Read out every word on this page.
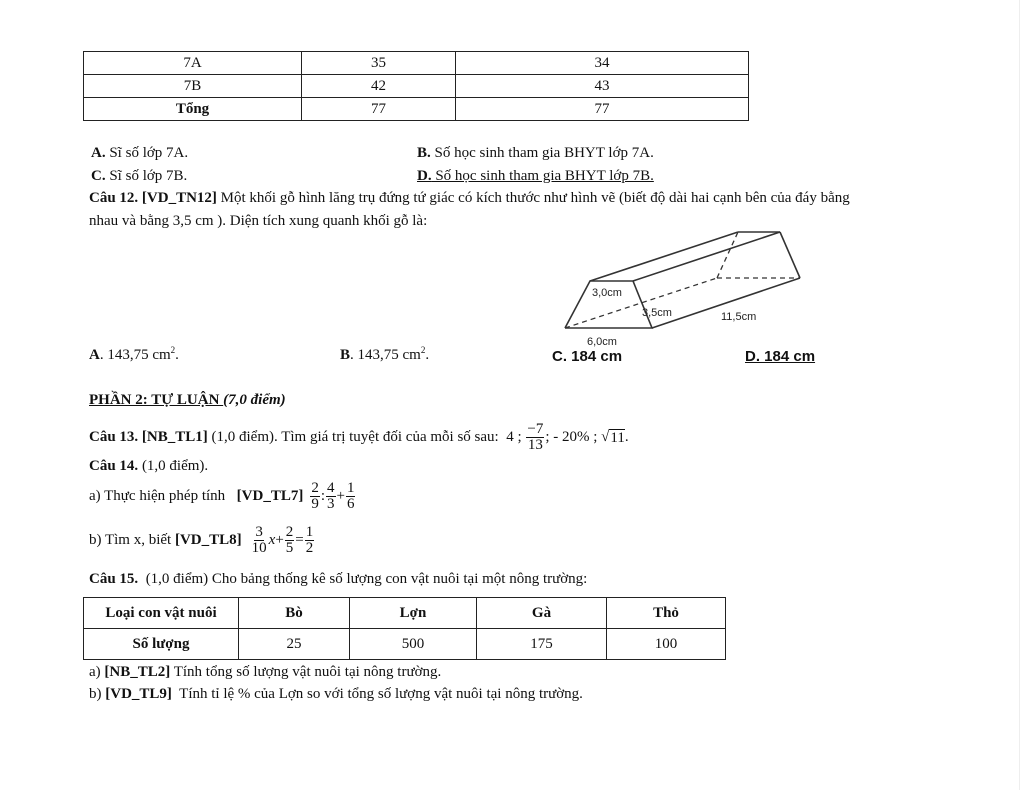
7A	35	34
7B	42	43
Tổng	77	77
A. Sĩ số lớp 7A.	B. Số học sinh tham gia BHYT lớp 7A.
C. Sĩ số lớp 7B.	D. Số học sinh tham gia BHYT lớp 7B.
Câu 12. [VD_TN12] Một khối gỗ hình lăng trụ đứng tứ giác có kích thước như hình vẽ (biết độ dài hai cạnh bên của đáy bằng
nhau và bằng 3,5 cm ). Diện tích xung quanh khối gỗ là:
3,0cm
3,5cm	11,5cm
6,0cm
A. 143,75 $cm^2$.	B. 143,75 $cm^2$.	C. 184 cm	D. 184 cm
PHẦN 2: TỰ LUẬN (7,0 điểm)
Câu 13. [NB_TL1] (1,0 điểm). Tìm giá trị tuyệt đối của mỗi số sau:  4 ; $\frac{-7}{13}$ ; - 20% ; √ 11 .
Câu 14. (1,0 điểm).
a) Thực hiện phép tính [VD_TL7] $\frac{2}{9}$ : $\frac{4}{3} + \frac{1}{6}$
b) Tìm x, biết [VD_TL8] $\frac{3}{10}$ $x + \frac{2}{5} = \frac{1}{2}$
Câu 15.  (1,0 điểm) Cho bảng thống kê số lượng con vật nuôi tại một nông trường:
Loại con vật nuôi	Bò	Lợn	Gà	Thỏ
Số lượng	25	500	175	100
a) [NB_TL2] Tính tổng số lượng vật nuôi tại nông trường.
b) [VD_TL9]  Tính tỉ lệ % của Lợn so với tổng số lượng vật nuôi tại nông trường.
